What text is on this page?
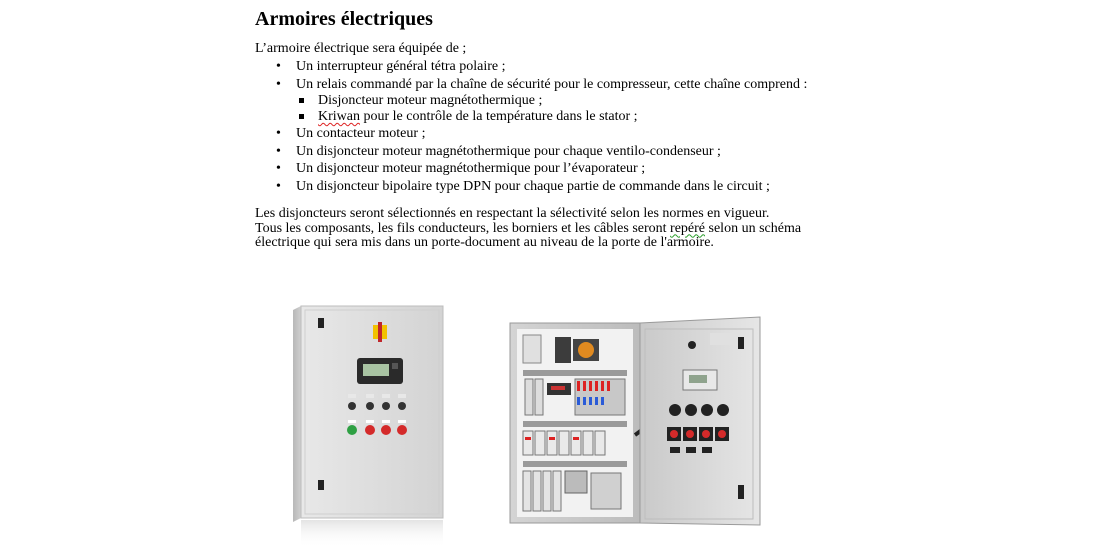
Armoires électriques

L’armoire électrique sera équipée de ;

• Un interrupteur général tétra polaire ;
• Un relais commandé par la chaîne de sécurité pour le compresseur, cette chaîne comprend :
Disjoncteur moteur magnétothermique ;
Kriwan pour le contrôle de la température dans le stator ;
• Un contacteur moteur ;
• Un disjoncteur moteur magnétothermique pour chaque ventilo-condenseur ;
• Un disjoncteur moteur magnétothermique pour l’évaporateur ;
• Un disjoncteur bipolaire type DPN pour chaque partie de commande dans le circuit ;

Les disjoncteurs seront sélectionnés en respectant la sélectivité selon les normes en vigueur.
Tous les composants, les fils conducteurs, les borniers et les câbles seront repéré selon un schéma
électrique qui sera mis dans un porte-document au niveau de la porte de l'armoire.
